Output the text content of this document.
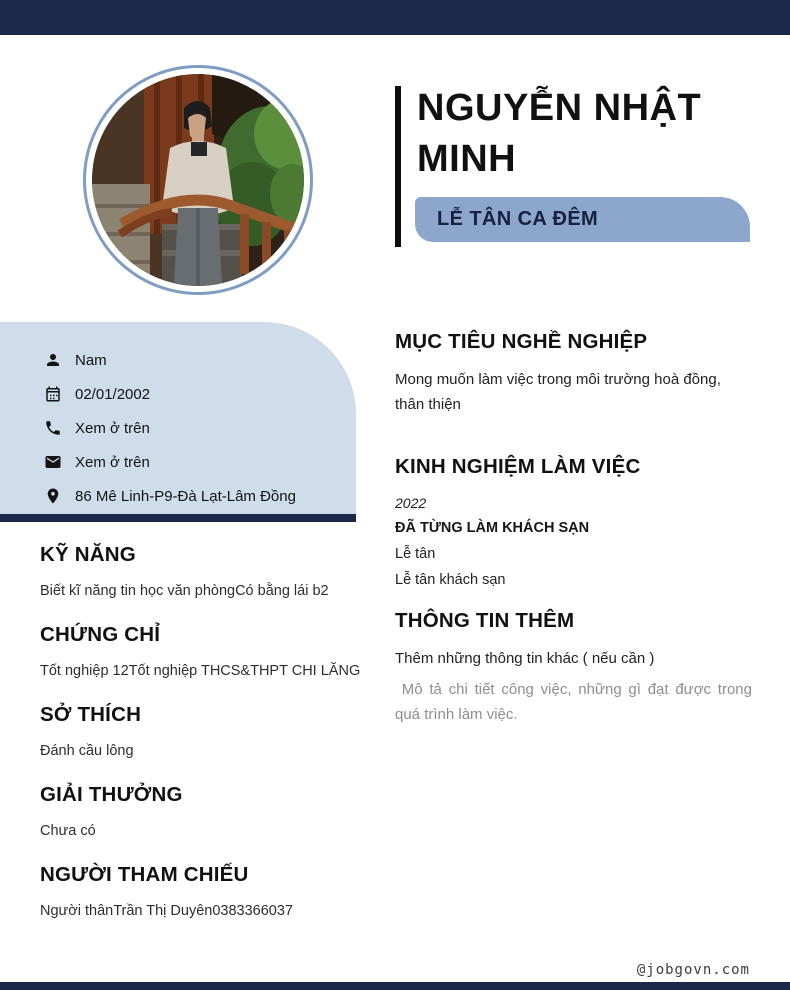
NGUYỄN NHẬT MINH
LỄ TÂN CA ĐÊM
Nam
02/01/2002
Xem ở trên
Xem ở trên
86 Mê Linh-P9-Đà Lạt-Lâm Đồng
KỸ NĂNG
Biết kĩ năng tin học văn phòngCó bằng lái b2
CHỨNG CHỈ
Tốt nghiệp 12Tốt nghiệp THCS&THPT CHI LĂNG
SỞ THÍCH
Đánh cầu lông
GIẢI THƯỞNG
Chưa có
NGƯỜI THAM CHIẾU
Người thânTrần Thị Duyên0383366037
MỤC TIÊU NGHỀ NGHIỆP
Mong muốn làm việc trong môi trường hoà đồng, thân thiện
KINH NGHIỆM LÀM VIỆC
2022
ĐÃ TỪNG LÀM KHÁCH SẠN
Lễ tân
Lễ tân khách sạn
THÔNG TIN THÊM
Thêm những thông tin khác ( nếu cần )
Mô tả chi tiết công việc, những gì đạt được trong quá trình làm việc.
@jobgovn.com
